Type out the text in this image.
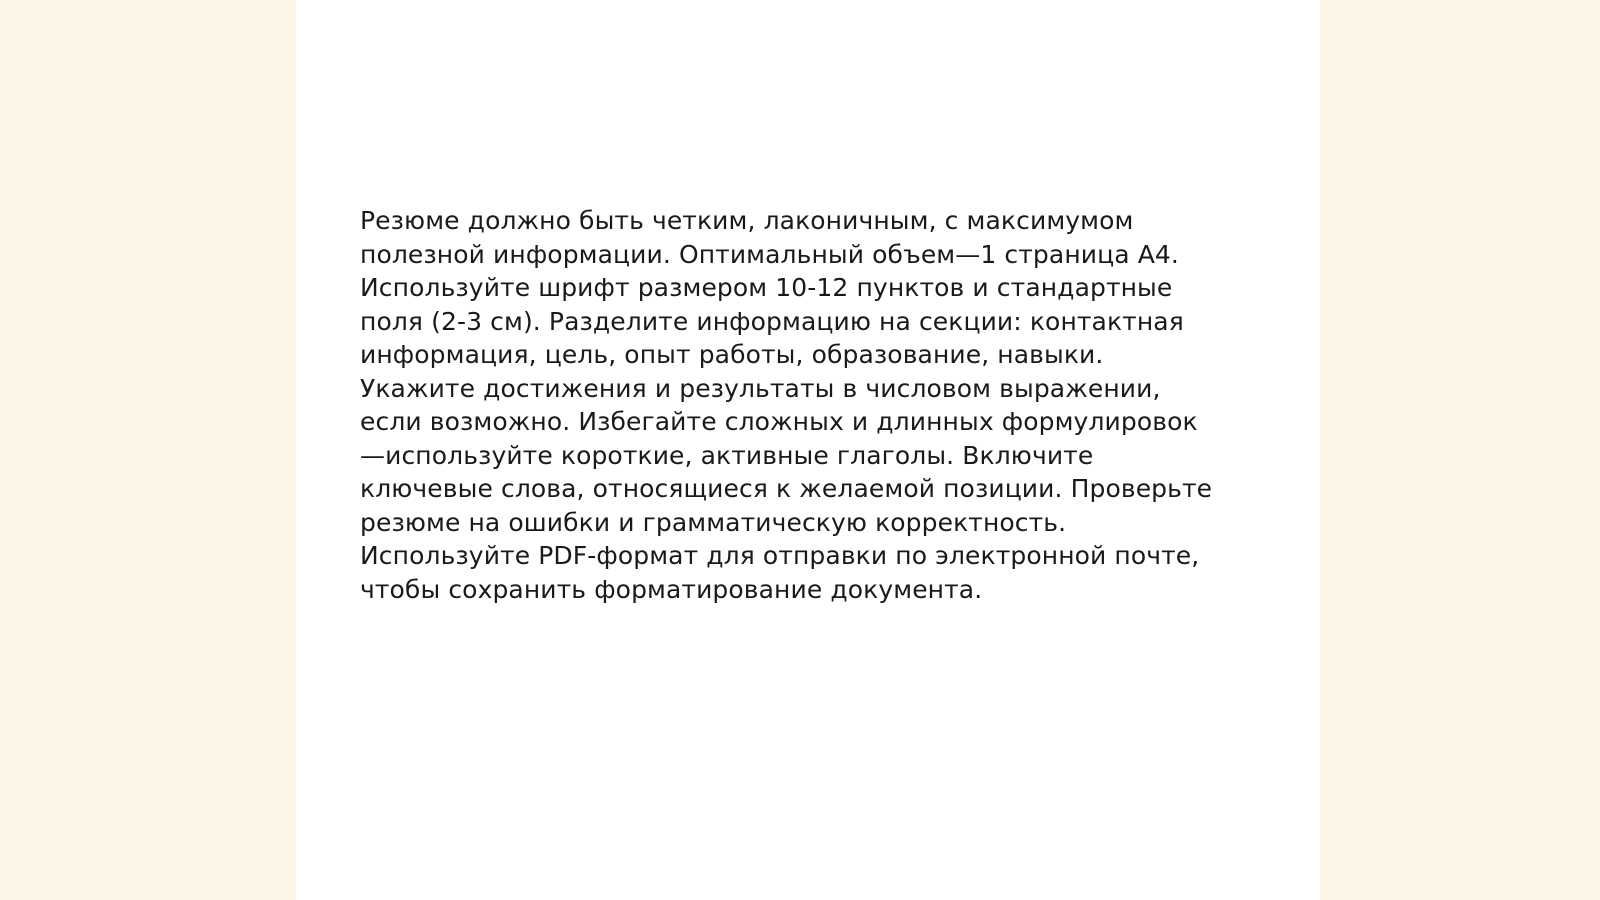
Резюме должно быть четким, лаконичным, с максимумом
полезной информации. Оптимальный объем—1 страница А4.
Используйте шрифт размером 10-12 пунктов и стандартные
поля (2-3 см). Разделите информацию на секции: контактная
информация, цель, опыт работы, образование, навыки.
Укажите достижения и результаты в числовом выражении,
если возможно. Избегайте сложных и длинных формулировок
—используйте короткие, активные глаголы. Включите
ключевые слова, относящиеся к желаемой позиции. Проверьте
резюме на ошибки и грамматическую корректность.
Используйте PDF-формат для отправки по электронной почте,
чтобы сохранить форматирование документа.
